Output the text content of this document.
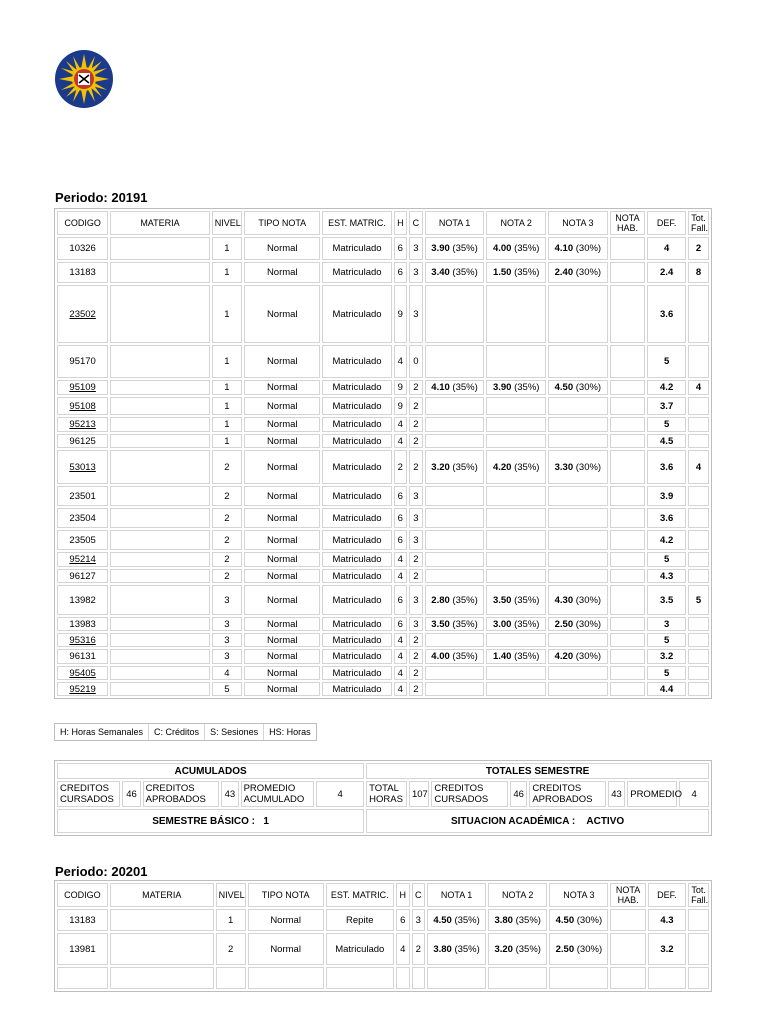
Periodo: 20191
CODIGO	MATERIA	NIVEL	TIPO NOTA	EST. MATRIC.	H	C	NOTA 1	NOTA 2	NOTA 3	NOTA HAB.	DEF.	Tot. Fall.
10326		1	Normal	Matriculado	6	3	3.90 (35%)	4.00 (35%)	4.10 (30%)		4	2
13183		1	Normal	Matriculado	6	3	3.40 (35%)	1.50 (35%)	2.40 (30%)		2.4	8
23502		1	Normal	Matriculado	9	3					3.6	
95170		1	Normal	Matriculado	4	0					5	
95109		1	Normal	Matriculado	9	2	4.10 (35%)	3.90 (35%)	4.50 (30%)		4.2	4
95108		1	Normal	Matriculado	9	2					3.7	
95213		1	Normal	Matriculado	4	2					5	
96125		1	Normal	Matriculado	4	2					4.5	
53013		2	Normal	Matriculado	2	2	3.20 (35%)	4.20 (35%)	3.30 (30%)		3.6	4
23501		2	Normal	Matriculado	6	3					3.9	
23504		2	Normal	Matriculado	6	3					3.6	
23505		2	Normal	Matriculado	6	3					4.2	
95214		2	Normal	Matriculado	4	2					5	
96127		2	Normal	Matriculado	4	2					4.3	
13982		3	Normal	Matriculado	6	3	2.80 (35%)	3.50 (35%)	4.30 (30%)		3.5	5
13983		3	Normal	Matriculado	6	3	3.50 (35%)	3.00 (35%)	2.50 (30%)		3	
95316		3	Normal	Matriculado	4	2					5	
96131		3	Normal	Matriculado	4	2	4.00 (35%)	1.40 (35%)	4.20 (30%)		3.2	
95405		4	Normal	Matriculado	4	2					5	
95219		5	Normal	Matriculado	4	2					4.4	
H: Horas Semanales	C: Créditos	S: Sesiones	HS: Horas
ACUMULADOS						TOTALES SEMESTRE							
CREDITOS CURSADOS	46	CREDITOS APROBADOS	43	PROMEDIO ACUMULADO	4	TOTAL HORAS	107	CREDITOS CURSADOS	46	CREDITOS APROBADOS	43	PROMEDIO	4
SEMESTRE BÁSICO : 1						SITUACION ACADÉMICA : ACTIVO							
Periodo: 20201
CODIGO	MATERIA	NIVEL	TIPO NOTA	EST. MATRIC.	H	C	NOTA 1	NOTA 2	NOTA 3	NOTA HAB.	DEF.	Tot. Fall.
13183		1	Normal	Repite	6	3	4.50 (35%)	3.80 (35%)	4.50 (30%)		4.3	
13981		2	Normal	Matriculado	4	2	3.80 (35%)	3.20 (35%)	2.50 (30%)		3.2	
